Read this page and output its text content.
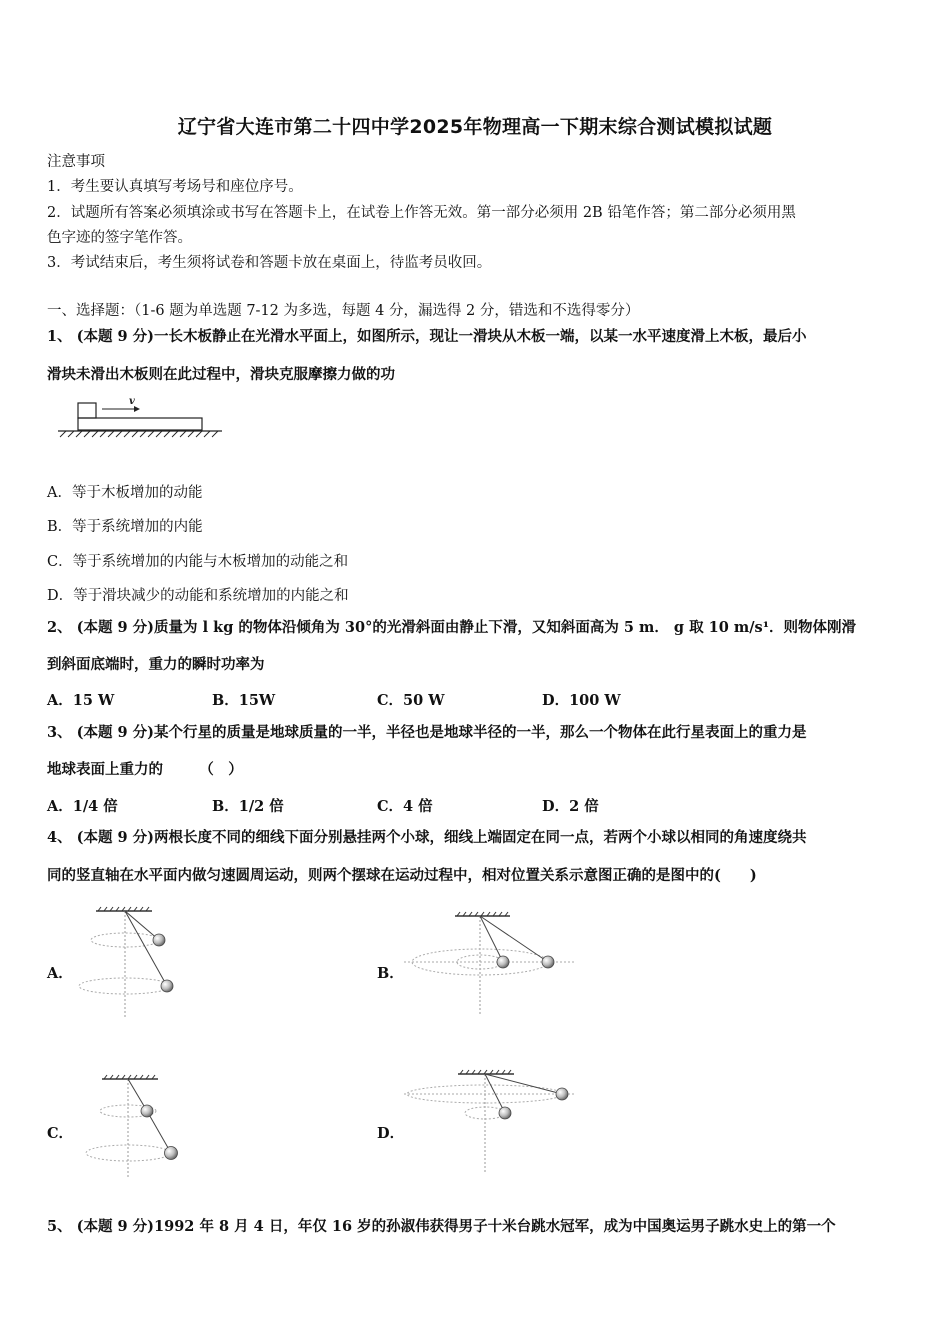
辽宁省大连市第二十四中学2025年物理高一下期末综合测试模拟试题
注意事项
1．考生要认真填写考场号和座位序号。
2．试题所有答案必须填涂或书写在答题卡上，在试卷上作答无效。第一部分必须用 2B 铅笔作答；第二部分必须用黑
色字迹的签字笔作答。
3．考试结束后，考生须将试卷和答题卡放在桌面上，待监考员收回。
一、选择题：（1-6 题为单选题 7-12 为多选，每题 4 分，漏选得 2 分，错选和不选得零分）
1、 (本题 9 分)一长木板静止在光滑水平面上，如图所示，现让一滑块从木板一端，以某一水平速度滑上木板，最后小
滑块未滑出木板则在此过程中，滑块克服摩擦力做的功
v
A．等于木板增加的动能
B．等于系统增加的内能
C．等于系统增加的内能与木板增加的动能之和
D．等于滑块减少的动能和系统增加的内能之和
2、 (本题 9 分)质量为 l kg 的物体沿倾角为 30°的光滑斜面由静止下滑，又知斜面高为 5 m． g 取 10 m/s¹．则物体刚滑
到斜面底端时，重力的瞬时功率为
A．15 W	B．15W	C．50 W	D．100 W
3、 (本题 9 分)某个行星的质量是地球质量的一半，半径也是地球半径的一半，那么一个物体在此行星表面上的重力是
地球表面上重力的　　　（　）
A．1/4 倍	B．1/2 倍	C．4 倍	D．2 倍
4、 (本题 9 分)两根长度不同的细线下面分别悬挂两个小球，细线上端固定在同一点，若两个小球以相同的角速度绕共
同的竖直轴在水平面内做匀速圆周运动，则两个摆球在运动过程中，相对位置关系示意图正确的是图中的(　　)
A．	B．
C．	D．
5、 (本题 9 分)1992 年 8 月 4 日，年仅 16 岁的孙淑伟获得男子十米台跳水冠军，成为中国奥运男子跳水史上的第一个
